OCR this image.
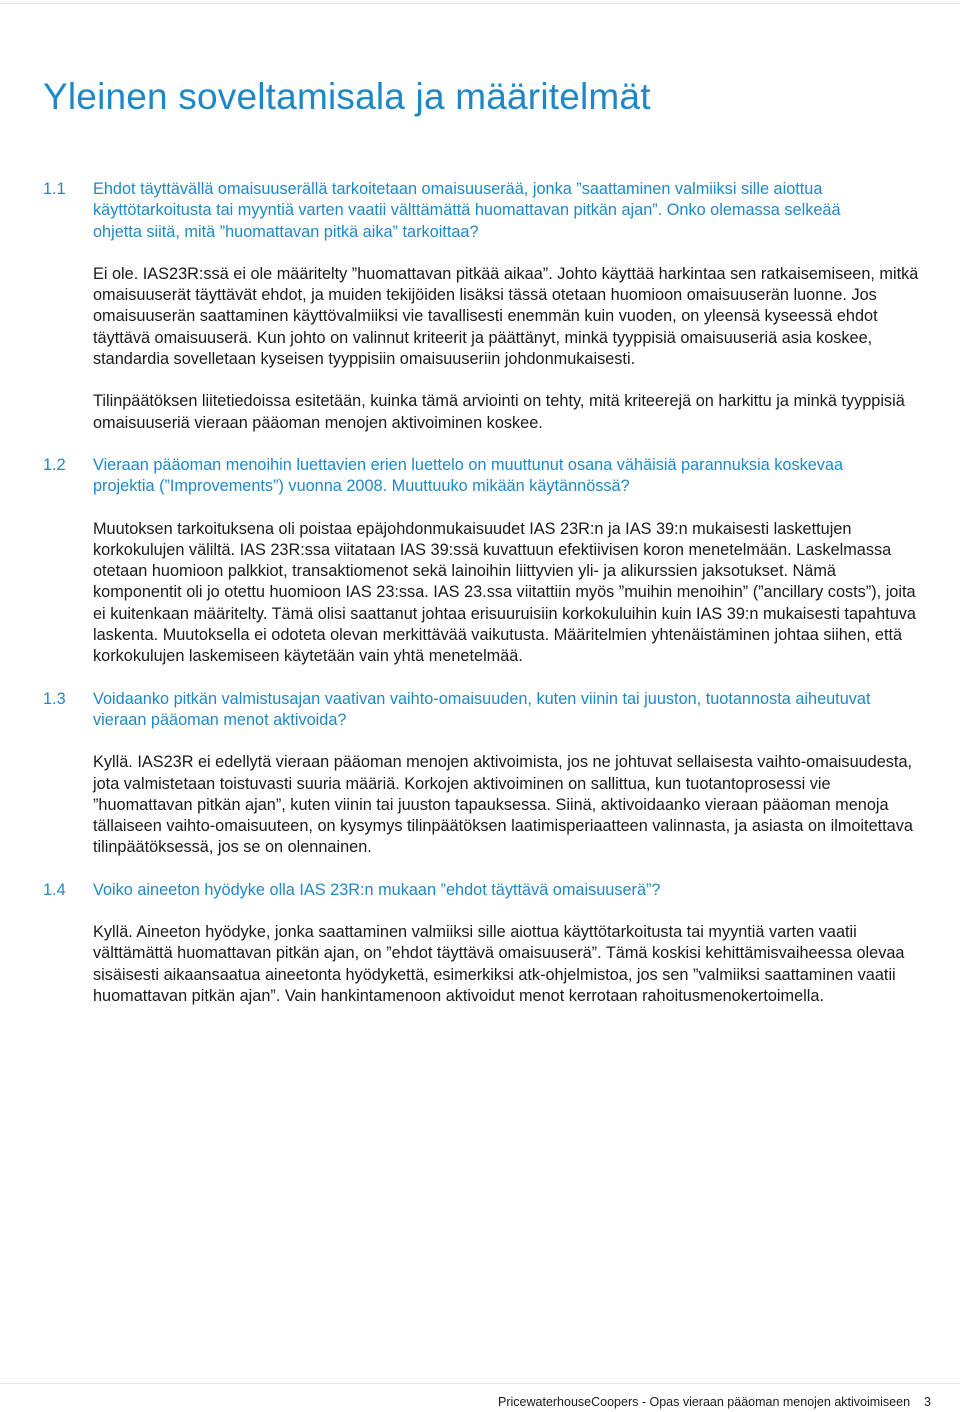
Yleinen soveltamisala ja määritelmät
1.1	Ehdot täyttävällä omaisuuserällä tarkoitetaan omaisuuserää, jonka ”saattaminen valmiiksi sille aiottua käyttötarkoitusta tai myyntiä varten vaatii välttämättä huomattavan pitkän ajan”. Onko olemassa selkeää ohjetta siitä, mitä ”huomattavan pitkä aika” tarkoittaa?

Ei ole. IAS23R:ssä ei ole määritelty ”huomattavan pitkää aikaa”. Johto käyttää harkintaa sen ratkaisemiseen, mitkä omaisuuserät täyttävät ehdot, ja muiden tekijöiden lisäksi tässä otetaan huomioon omaisuuserän luonne. Jos omaisuuserän saattaminen käyttövalmiiksi vie tavallisesti enemmän kuin vuoden, on yleensä kyseessä ehdot täyttävä omaisuuserä. Kun johto on valinnut kriteerit ja päättänyt, minkä tyyppisiä omaisuuseriä asia koskee, standardia sovelletaan kyseisen tyyppisiin omaisuuseriin johdonmukaisesti.

Tilinpäätöksen liitetiedoissa esitetään, kuinka tämä arviointi on tehty, mitä kriteerejä on harkittu ja minkä tyyppisiä omaisuuseriä vieraan pääoman menojen aktivoiminen koskee.

1.2	Vieraan pääoman menoihin luettavien erien luettelo on muuttunut osana vähäisiä parannuksia koskevaa projektia (”Improvements”) vuonna 2008. Muuttuuko mikään käytännössä?

Muutoksen tarkoituksena oli poistaa epäjohdonmukaisuudet IAS 23R:n ja IAS 39:n mukaisesti laskettujen korkokulujen väliltä. IAS 23R:ssa viitataan IAS 39:ssä kuvattuun efektiivisen koron menetelmään. Laskelmassa otetaan huomioon palkkiot, transaktiomenot sekä lainoihin liittyvien yli- ja alikurssien jaksotukset. Nämä komponentit oli jo otettu huomioon IAS 23:ssa. IAS 23.ssa viitattiin myös ”muihin menoihin” (”ancillary costs”), joita ei kuitenkaan määritelty. Tämä olisi saattanut johtaa erisuuruisiin korkokuluihin kuin IAS 39:n mukaisesti tapahtuva laskenta. Muutoksella ei odoteta olevan merkittävää vaikutusta. Määritelmien yhtenäistäminen johtaa siihen, että korkokulujen laskemiseen käytetään vain yhtä menetelmää.

1.3	Voidaanko pitkän valmistusajan vaativan vaihto-omaisuuden, kuten viinin tai juuston, tuotannosta aiheutuvat vieraan pääoman menot aktivoida?

Kyllä. IAS23R ei edellytä vieraan pääoman menojen aktivoimista, jos ne johtuvat sellaisesta vaihto-omaisuudesta, jota valmistetaan toistuvasti suuria määriä. Korkojen aktivoiminen on sallittua, kun tuotantoprosessi vie ”huomattavan pitkän ajan”, kuten viinin tai juuston tapauksessa. Siinä, aktivoidaanko vieraan pääoman menoja tällaiseen vaihto-omaisuuteen, on kysymys tilinpäätöksen laatimisperiaatteen valinnasta, ja asiasta on ilmoitettava tilinpäätöksessä, jos se on olennainen.

1.4	Voiko aineeton hyödyke olla IAS 23R:n mukaan ”ehdot täyttävä omaisuuserä”?

Kyllä. Aineeton hyödyke, jonka saattaminen valmiiksi sille aiottua käyttötarkoitusta tai myyntiä varten vaatii välttämättä huomattavan pitkän ajan, on ”ehdot täyttävä omaisuuserä”. Tämä koskisi kehittämisvaiheessa olevaa sisäisesti aikaansaatua aineetonta hyödykettä, esimerkiksi atk-ohjelmistoa, jos sen ”valmiiksi saattaminen vaatii huomattavan pitkän ajan”. Vain hankintamenoon aktivoidut menot kerrotaan rahoitusmenokertoimella.

PricewaterhouseCoopers - Opas vieraan pääoman menojen aktivoimiseen 3
